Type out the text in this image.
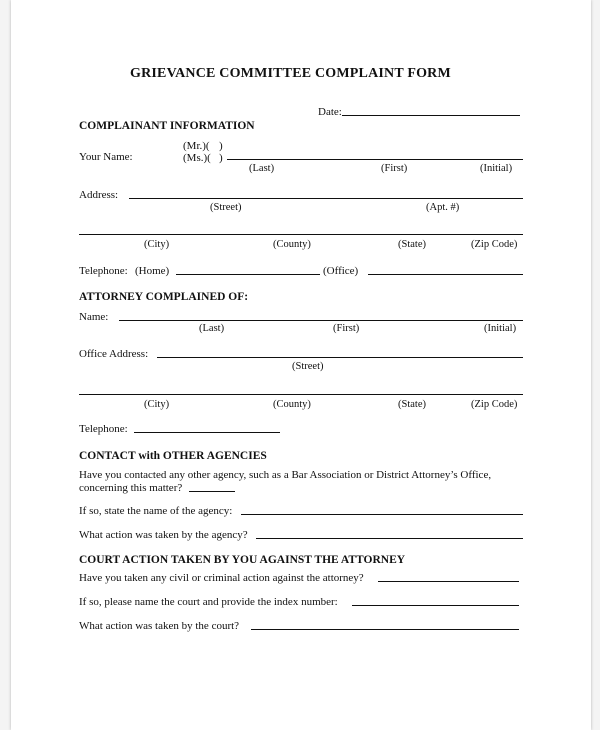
GRIEVANCE COMMITTEE COMPLAINT FORM
Date:
COMPLAINANT INFORMATION
Your Name:
(Mr.)( )
(Ms.)( )
(Last)	(First)	(Initial)
Address:
(Street)	(Apt. #)
(City)	(County)	(State)	(Zip Code)
Telephone: (Home)	(Office)
ATTORNEY COMPLAINED OF:
Name:
(Last)	(First)	(Initial)
Office Address:
(Street)
(City)	(County)	(State)	(Zip Code)
Telephone:
CONTACT with OTHER AGENCIES
Have you contacted any other agency, such as a Bar Association or District Attorney’s Office,
concerning this matter?
If so, state the name of the agency:
What action was taken by the agency?
COURT ACTION TAKEN BY YOU AGAINST THE ATTORNEY
Have you taken any civil or criminal action against the attorney?
If so, please name the court and provide the index number:
What action was taken by the court?
